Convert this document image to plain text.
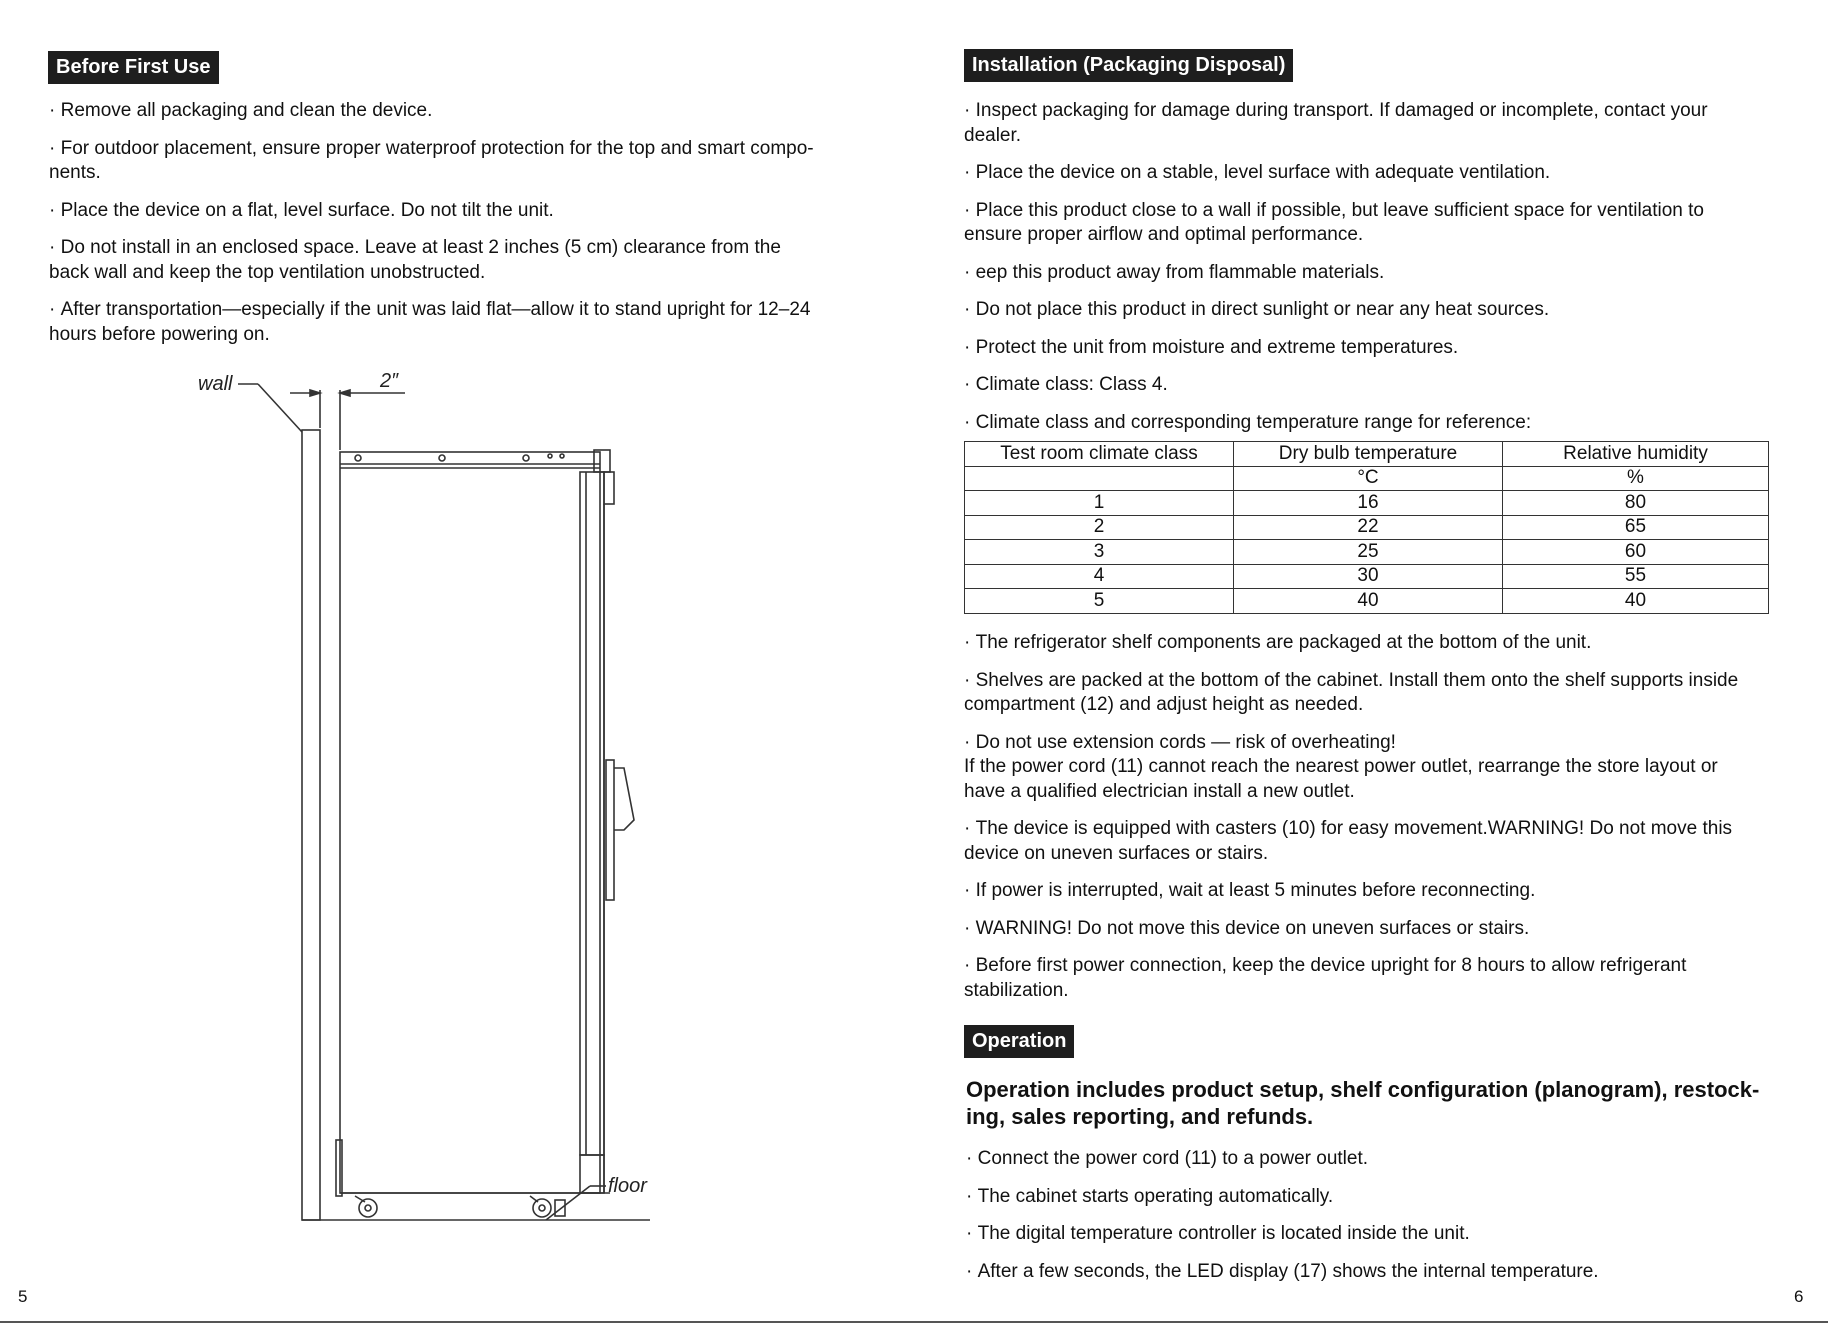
Before First Use
· Remove all packaging and clean the device.
· For outdoor placement, ensure proper waterproof protection for the top and smart compo-
nents.
· Place the device on a flat, level surface. Do not tilt the unit.
· Do not install in an enclosed space. Leave at least 2 inches (5 cm) clearance from the
back wall and keep the top ventilation unobstructed.
· After transportation—especially if the unit was laid flat—allow it to stand upright for 12–24
hours before powering on.
wall	2″
floor
5
Installation (Packaging Disposal)
· Inspect packaging for damage during transport. If damaged or incomplete, contact your
dealer.
· Place the device on a stable, level surface with adequate ventilation.
· Place this product close to a wall if possible, but leave sufficient space for ventilation to
ensure proper airflow and optimal performance.
· eep this product away from flammable materials.
· Do not place this product in direct sunlight or near any heat sources.
· Protect the unit from moisture and extreme temperatures.
· Climate class: Class 4.
· Climate class and corresponding temperature range for reference:
Test room climate class	Dry bulb temperature	Relative humidity
	°C	%
1	16	80
2	22	65
3	25	60
4	30	55
5	40	40
· The refrigerator shelf components are packaged at the bottom of the unit.
· Shelves are packed at the bottom of the cabinet. Install them onto the shelf supports inside
compartment (12) and adjust height as needed.
· Do not use extension cords — risk of overheating!
If the power cord (11) cannot reach the nearest power outlet, rearrange the store layout or
have a qualified electrician install a new outlet.
· The device is equipped with casters (10) for easy movement.WARNING! Do not move this
device on uneven surfaces or stairs.
· If power is interrupted, wait at least 5 minutes before reconnecting.
· WARNING! Do not move this device on uneven surfaces or stairs.
· Before first power connection, keep the device upright for 8 hours to allow refrigerant
stabilization.
Operation

Operation includes product setup, shelf configuration (planogram), restock-
ing, sales reporting, and refunds.

· Connect the power cord (11) to a power outlet.
· The cabinet starts operating automatically.
· The digital temperature controller is located inside the unit.
· After a few seconds, the LED display (17) shows the internal temperature.
6
